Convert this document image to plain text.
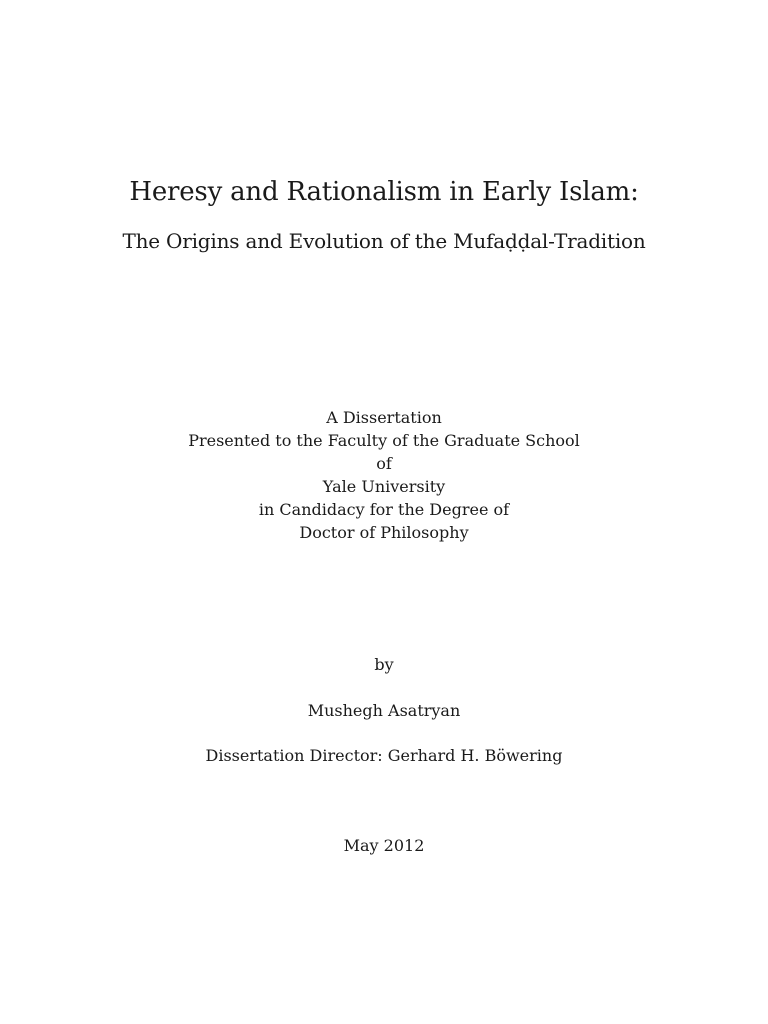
Heresy and Rationalism in Early Islam:
The Origins and Evolution of the Mufaḍḍal-Tradition
A Dissertation
Presented to the Faculty of the Graduate School
of
Yale University
in Candidacy for the Degree of
Doctor of Philosophy

by

Mushegh Asatryan

Dissertation Director: Gerhard H. Böwering

May 2012
